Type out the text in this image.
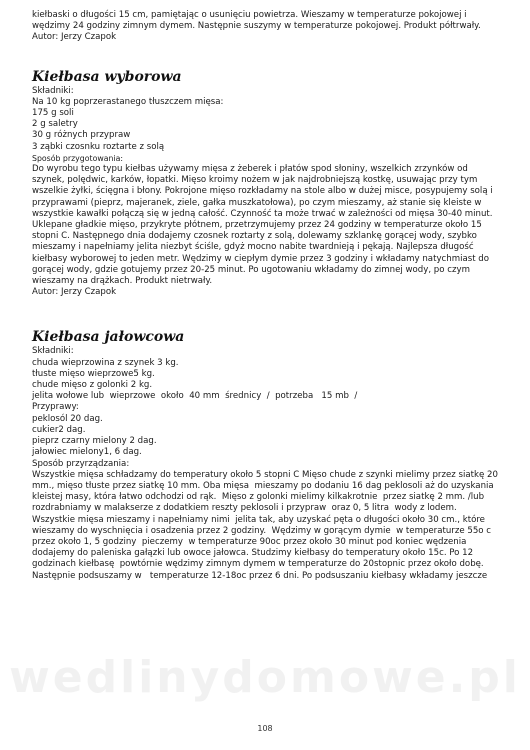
kiełbaski o długości 15 cm, pamiętając o usunięciu powietrza. Wieszamy w temperaturze pokojowej i
wędzimy 24 godziny zimnym dymem. Następnie suszymy w temperaturze pokojowej. Produkt półtrwały.
Autor: Jerzy Czapok
Kiełbasa wyborowa
Składniki:
Na 10 kg poprzerastanego tłuszczem mięsa:
175 g soli
2 g saletry
30 g różnych przypraw
3 ząbki czosnku roztarte z solą
Sposób przygotowania:
Do wyrobu tego typu kiełbas używamy mięsa z żeberek i płatów spod słoniny, wszelkich zrzynków od
szynek, polędwic, karków, łopatki. Mięso kroimy nożem w jak najdrobniejszą kostkę, usuwając przy tym
wszelkie żyłki, ścięgna i błony. Pokrojone mięso rozkładamy na stole albo w dużej misce, posypujemy solą i
przyprawami (pieprz, majeranek, ziele, gałka muszkatołowa), po czym mieszamy, aż stanie się kleiste w
wszystkie kawałki połączą się w jedną całość. Czynność ta może trwać w zależności od mięsa 30-40 minut.
Uklepane gładkie mięso, przykryte płótnem, przetrzymujemy przez 24 godziny w temperaturze około 15
stopni C. Następnego dnia dodajemy czosnek roztarty z solą, dolewamy szklankę gorącej wody, szybko
mieszamy i napełniamy jelita niezbyt ściśle, gdyż mocno nabite twardnieją i pękają. Najlepsza długość
kiełbasy wyborowej to jeden metr. Wędzimy w ciepłym dymie przez 3 godziny i wkładamy natychmiast do
gorącej wody, gdzie gotujemy przez 20-25 minut. Po ugotowaniu wkładamy do zimnej wody, po czym
wieszamy na drążkach. Produkt nietrwały.
Autor: Jerzy Czapok
Kiełbasa jałowcowa
Składniki:
chuda wieprzowina z szynek 3 kg.
tłuste mięso wieprzowe5 kg.
chude mięso z golonki 2 kg.
jelita wołowe lub  wieprzowe  około  40 mm  średnicy  /  potrzeba   15 mb  /
Przyprawy:
peklosól 20 dag.
cukier2 dag.
pieprz czarny mielony 2 dag.
jałowiec mielony1, 6 dag.
Sposób przyrządzania:
Wszystkie mięsa schładzamy do temperatury około 5 stopni C Mięso chude z szynki mielimy przez siatkę 20
mm., mięso tłuste przez siatkę 10 mm. Oba mięsa  mieszamy po dodaniu 16 dag peklosoli aż do uzyskania
kleistej masy, która łatwo odchodzi od rąk.  Mięso z golonki mielimy kilkakrotnie  przez siatkę 2 mm. /lub
rozdrabniamy w malakserze z dodatkiem reszty peklosoli i przypraw  oraz 0, 5 litra  wody z lodem.
Wszystkie mięsa mieszamy i napełniamy nimi  jelita tak, aby uzyskać pęta o długości około 30 cm., które
wieszamy do wyschnięcia i osadzenia przez 2 godziny.  Wędzimy w gorącym dymie  w temperaturze 55o c
przez około 1, 5 godziny  pieczemy  w temperaturze 90oc przez około 30 minut pod koniec wędzenia
dodajemy do paleniska gałązki lub owoce jałowca. Studzimy kiełbasy do temperatury około 15c. Po 12
godzinach kiełbasę  powtórnie wędzimy zimnym dymem w temperaturze do 20stopnic przez około dobę.
Następnie podsuszamy w   temperaturze 12-18oc przez 6 dni. Po podsuszaniu kiełbasy wkładamy jeszcze
wedlinydomowe.pl
108
